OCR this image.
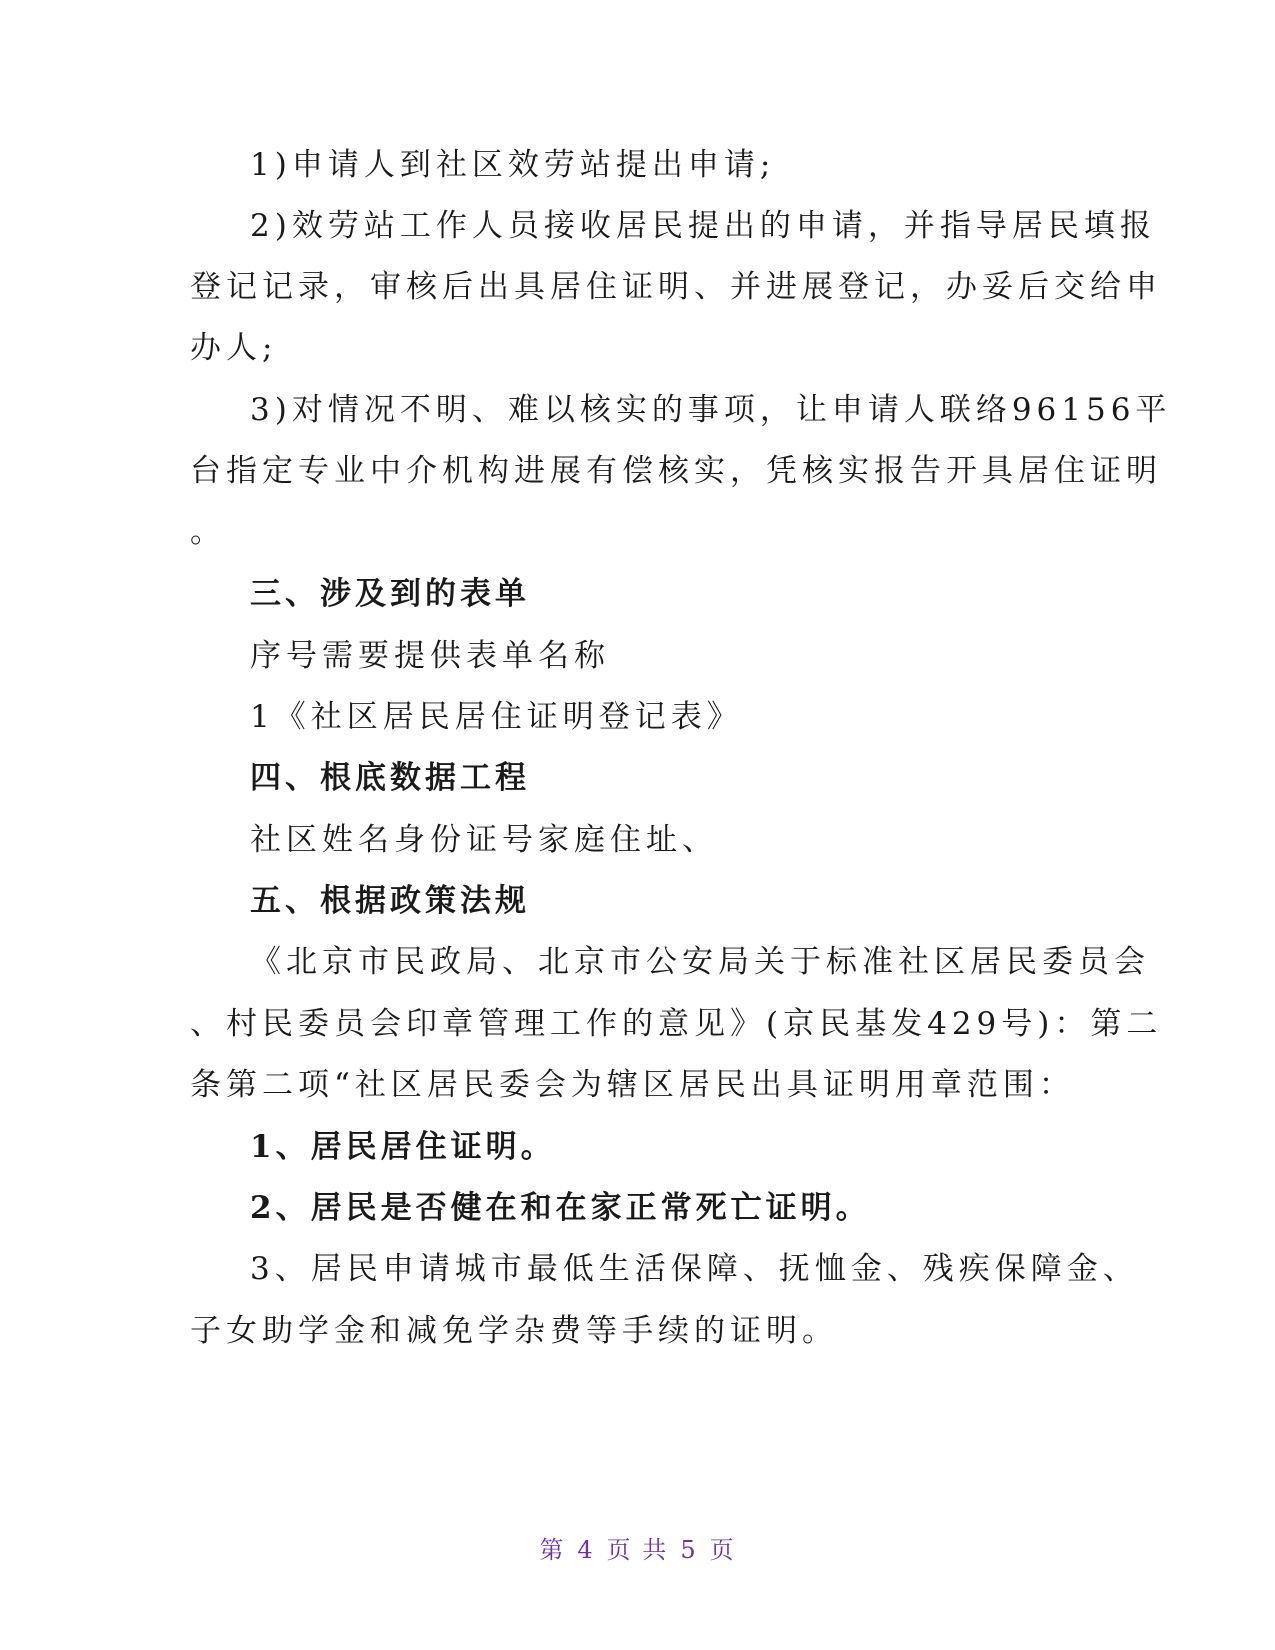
1)申请人到社区效劳站提出申请;
2)效劳站工作人员接收居民提出的申请，并指导居民填报
登记记录，审核后出具居住证明、并进展登记，办妥后交给申
办人;
3)对情况不明、难以核实的事项，让申请人联络96156平
台指定专业中介机构进展有偿核实，凭核实报告开具居住证明
。
三、涉及到的表单
序号需要提供表单名称
1《社区居民居住证明登记表》
四、根底数据工程
社区姓名身份证号家庭住址、
五、根据政策法规
《北京市民政局、北京市公安局关于标准社区居民委员会
、村民委员会印章管理工作的意见》(京民基发429号)：第二
条第二项“社区居民委会为辖区居民出具证明用章范围：
1、居民居住证明。
2、居民是否健在和在家正常死亡证明。
3、居民申请城市最低生活保障、抚恤金、残疾保障金、
子女助学金和减免学杂费等手续的证明。
第 4 页 共 5 页
